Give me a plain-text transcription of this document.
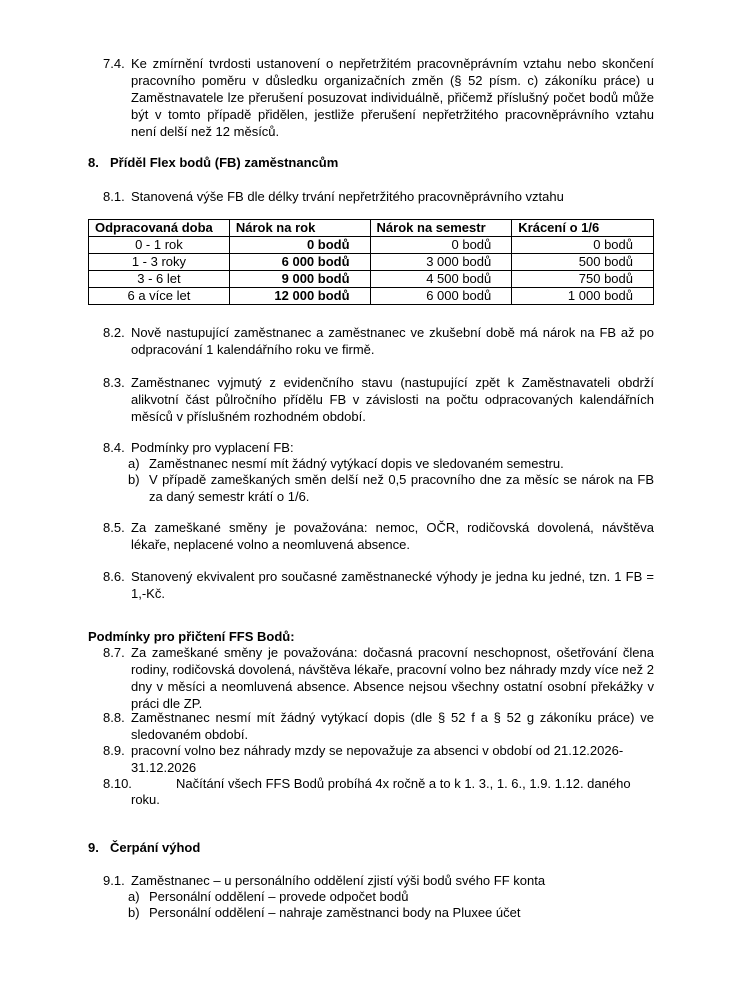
7.4. Ke zmírnění tvrdosti ustanovení o nepřetržitém pracovněprávním vztahu nebo skončení pracovního poměru v důsledku organizačních změn (§ 52 písm. c) zákoníku práce) u Zaměstnavatele lze přerušení posuzovat individuálně, přičemž příslušný počet bodů může být v tomto případě přidělen, jestliže přerušení nepřetržitého pracovněprávního vztahu není delší než 12 měsíců.
8. Příděl Flex bodů (FB) zaměstnancům
8.1. Stanovená výše FB dle délky trvání nepřetržitého pracovněprávního vztahu
Odpracovaná doba	Nárok na rok	Nárok na semestr	Krácení o 1/6
0 - 1 rok	0 bodů	0 bodů	0 bodů
1 - 3 roky	6 000 bodů	3 000 bodů	500 bodů
3 - 6 let	9 000 bodů	4 500 bodů	750 bodů
6 a více let	12 000 bodů	6 000 bodů	1 000 bodů
8.2. Nově nastupující zaměstnanec a zaměstnanec ve zkušební době má nárok na FB až po odpracování 1 kalendářního roku ve firmě.
8.3. Zaměstnanec vyjmutý z evidenčního stavu (nastupující zpět k Zaměstnavateli obdrží alikvotní část půlročního přídělu FB v závislosti na počtu odpracovaných kalendářních měsíců v příslušném rozhodném období.
8.4. Podmínky pro vyplacení FB:
a) Zaměstnanec nesmí mít žádný vytýkací dopis ve sledovaném semestru.
b) V případě zameškaných směn delší než 0,5 pracovního dne za měsíc se nárok na FB za daný semestr krátí o 1/6.
8.5. Za zameškané směny je považována: nemoc, OČR, rodičovská dovolená, návštěva lékaře, neplacené volno a neomluvená absence.
8.6. Stanovený ekvivalent pro současné zaměstnanecké výhody je jedna ku jedné, tzn. 1 FB = 1,-Kč.
Podmínky pro přičtení FFS Bodů:
8.7. Za zameškané směny je považována: dočasná pracovní neschopnost, ošetřování člena rodiny, rodičovská dovolená, návštěva lékaře, pracovní volno bez náhrady mzdy více než 2 dny v měsíci a neomluvená absence. Absence nejsou všechny ostatní osobní překážky v práci dle ZP.
8.8. Zaměstnanec nesmí mít žádný vytýkací dopis (dle § 52 f a § 52 g zákoníku práce) ve sledovaném období.
8.9. pracovní volno bez náhrady mzdy se nepovažuje za absenci v období od 21.12.2026-31.12.2026
8.10.	Načítání všech FFS Bodů probíhá 4x ročně a to k 1. 3., 1. 6., 1.9. 1.12. daného
roku.
9. Čerpání výhod
9.1. Zaměstnanec – u personálního oddělení zjistí výši bodů svého FF konta
a) Personální oddělení – provede odpočet bodů
b) Personální oddělení – nahraje zaměstnanci body na Pluxee účet
